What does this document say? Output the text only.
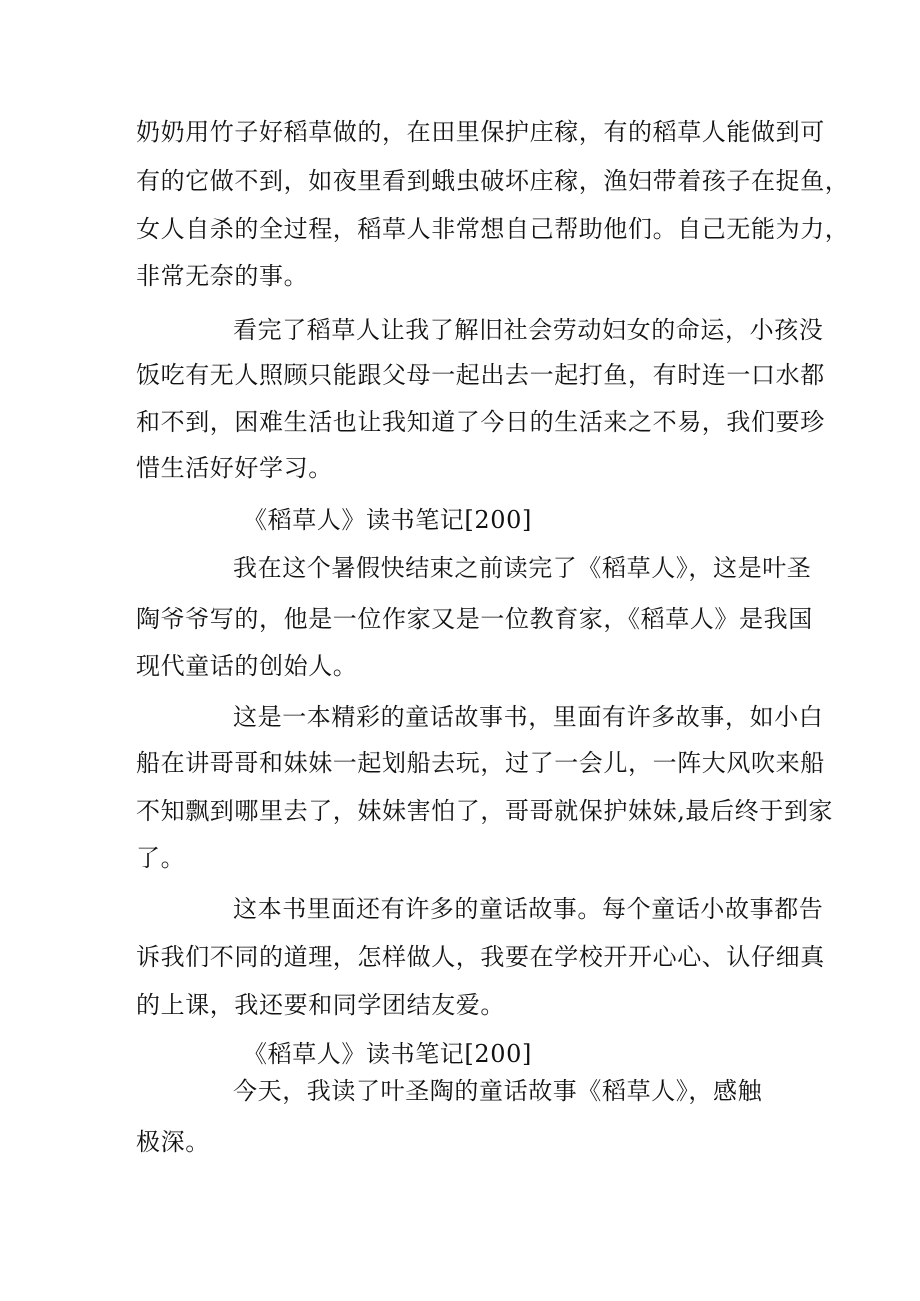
奶奶用竹子好稻草做的，在田里保护庄稼，有的稻草人能做到可
有的它做不到，如夜里看到蛾虫破坏庄稼，渔妇带着孩子在捉鱼，
女人自杀的全过程，稻草人非常想自己帮助他们。自己无能为力，
非常无奈的事。
看完了稻草人让我了解旧社会劳动妇女的命运，小孩没
饭吃有无人照顾只能跟父母一起出去一起打鱼，有时连一口水都
和不到，困难生活也让我知道了今日的生活来之不易，我们要珍
惜生活好好学习。
《稻草人》读书笔记[200]
我在这个暑假快结束之前读完了《稻草人》，这是叶圣
陶爷爷写的，他是一位作家又是一位教育家，《稻草人》是我国
现代童话的创始人。
这是一本精彩的童话故事书，里面有许多故事，如小白
船在讲哥哥和妹妹一起划船去玩，过了一会儿，一阵大风吹来船
不知飘到哪里去了，妹妹害怕了，哥哥就保护妹妹,最后终于到家
了。
这本书里面还有许多的童话故事。每个童话小故事都告
诉我们不同的道理，怎样做人，我要在学校开开心心、认仔细真
的上课，我还要和同学团结友爱。
《稻草人》读书笔记[200]
今天，我读了叶圣陶的童话故事《稻草人》，感触
极深。
